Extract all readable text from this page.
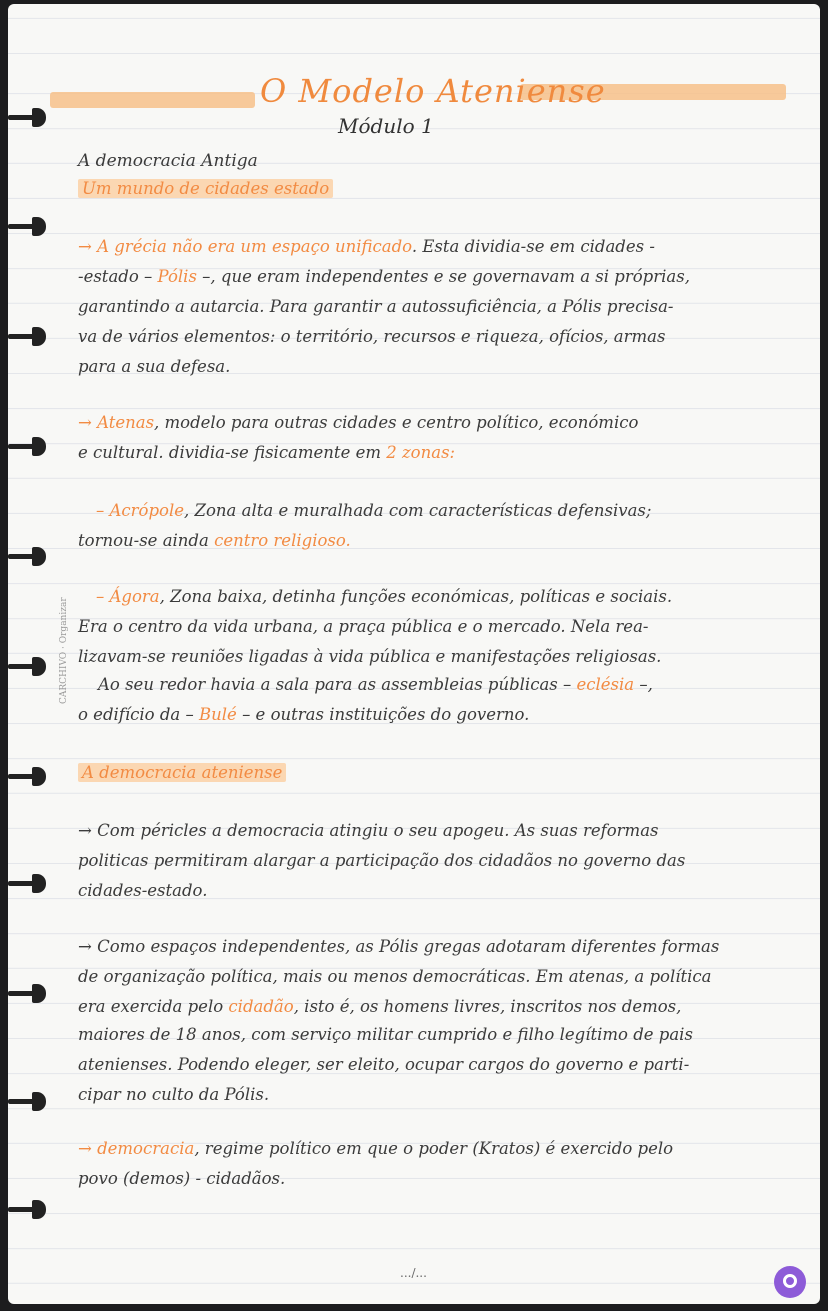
O Modelo Ateniense
Módulo 1
A democracia Antiga
Um mundo de cidades estado
→ A grécia não era um espaço unificado. Esta dividia-se em cidades -
-estado – Pólis –, que eram independentes e se governavam a si próprias,
garantindo a autarcia. Para garantir a autossuficiência, a Pólis precisa-
va de vários elementos: o território, recursos e riqueza, ofícios, armas
para a sua defesa.
→ Atenas, modelo para outras cidades e centro político, económico
e cultural. dividia-se fisicamente em 2 zonas:
– Acrópole, Zona alta e muralhada com características defensivas;
tornou-se ainda centro religioso.
– Ágora, Zona baixa, detinha funções económicas, políticas e sociais.
Era o centro da vida urbana, a praça pública e o mercado. Nela rea-
lizavam-se reuniões ligadas à vida pública e manifestações religiosas.
Ao seu redor havia a sala para as assembleias públicas – eclésia –,
o edifício da – Bulé – e outras instituições do governo.
A democracia ateniense
→ Com péricles a democracia atingiu o seu apogeu. As suas reformas
politicas permitiram alargar a participação dos cidadãos no governo das
cidades-estado.
→ Como espaços independentes, as Pólis gregas adotaram diferentes formas
de organização política, mais ou menos democráticas. Em atenas, a política
era exercida pelo cidadão, isto é, os homens livres, inscritos nos demos,
maiores de 18 anos, com serviço militar cumprido e filho legítimo de pais
atenienses. Podendo eleger, ser eleito, ocupar cargos do governo e parti-
cipar no culto da Pólis.
→ democracia, regime político em que o poder (Kratos) é exercido pelo
povo (demos) - cidadãos.
CARCHIVO · Organizar
.../...
